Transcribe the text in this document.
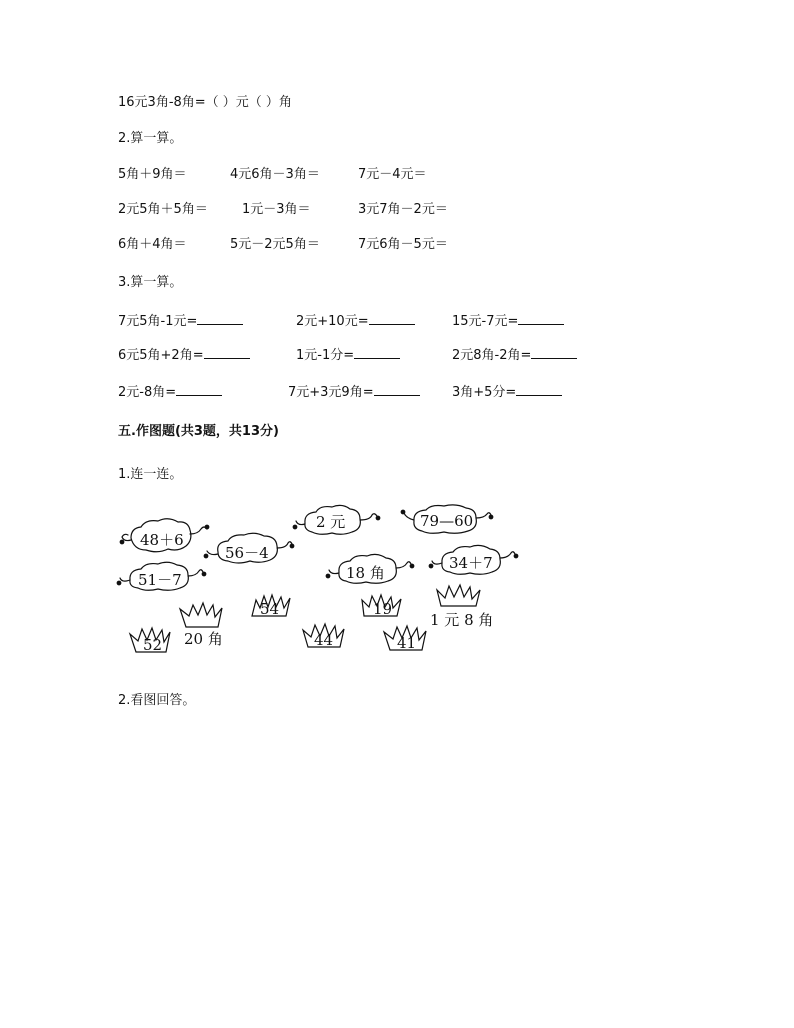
16元3角-8角=（ ）元（ ）角
2.算一算。
5角＋9角＝	4元6角－3角＝	7元－4元＝
2元5角＋5角＝	1元－3角＝	3元7角－2元＝
6角＋4角＝	5元－2元5角＝	7元6角－5元＝
3.算一算。
7元5角-1元=	2元+10元=	15元-7元=
6元5角+2角=	1元-1分=	2元8角-2角=
2元-8角=	7元+3元9角=	3角+5分=
五.作图题(共3题，共13分)
1.连一连。
48＋6
56－4
2 元	79—60
51－7	18 角
34＋7
54	19
52	44	41
20 角
1 元 8 角
2.看图回答。
